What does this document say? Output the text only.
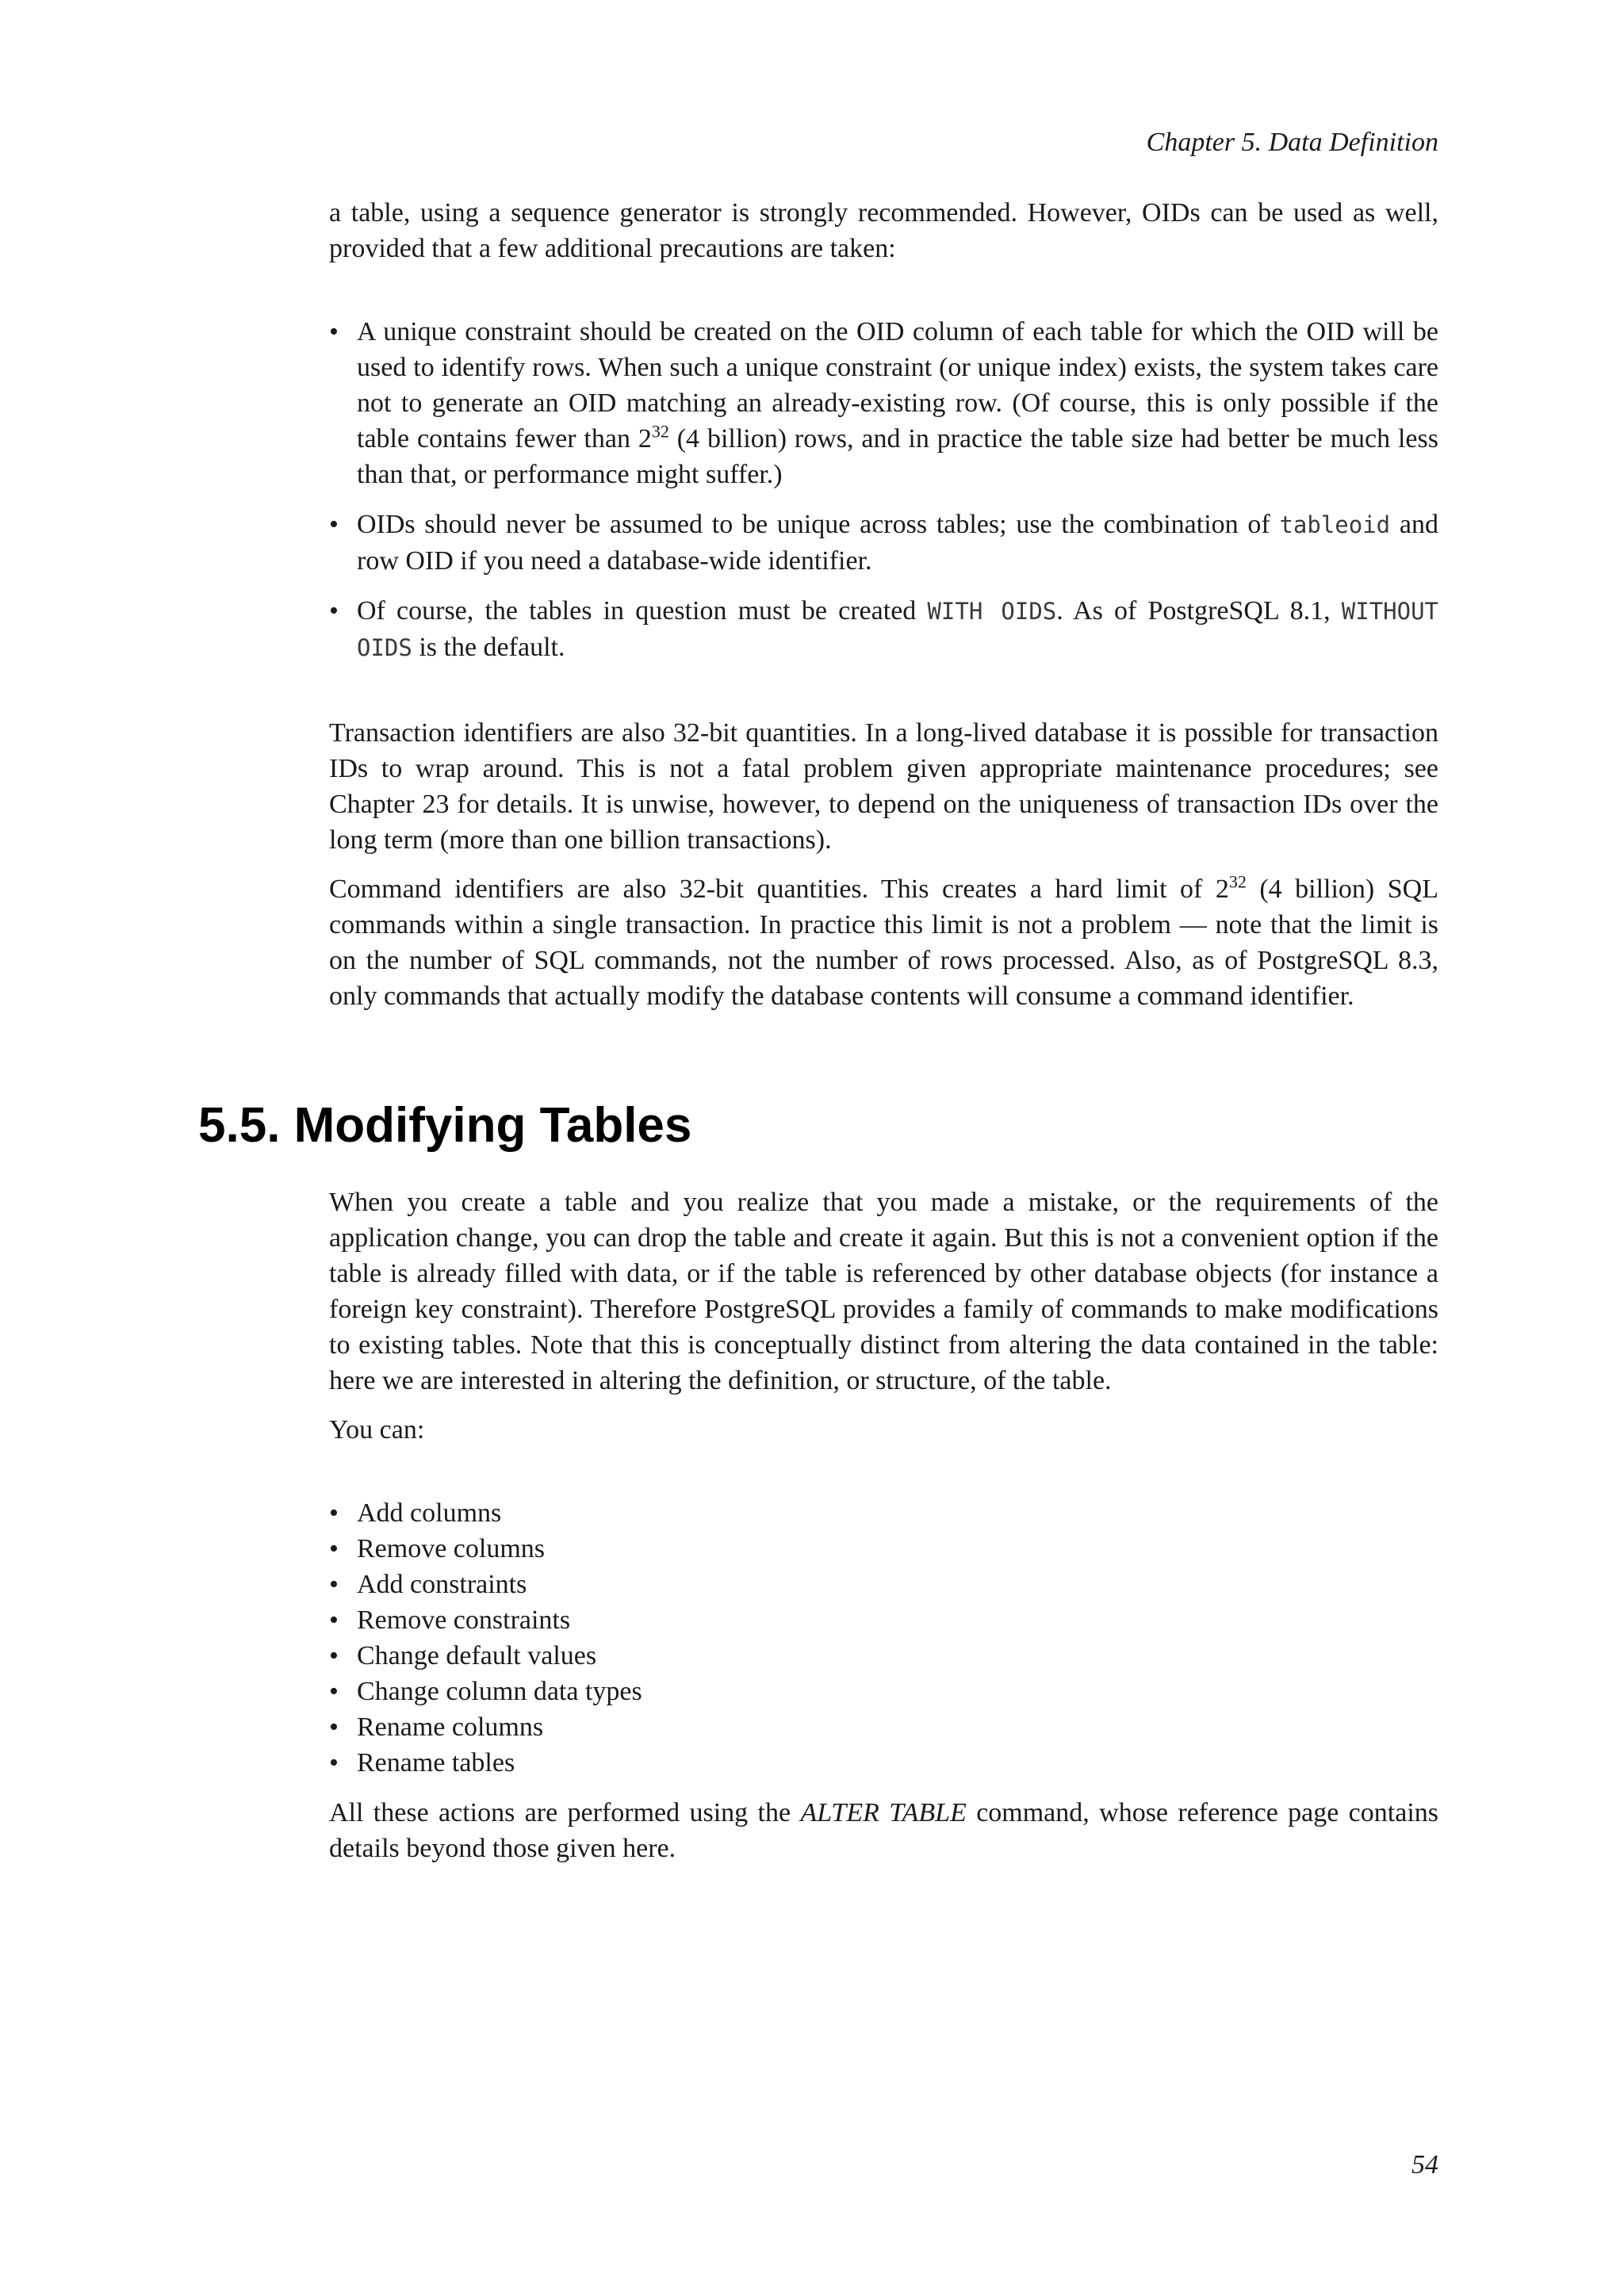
Chapter 5. Data Definition

a table, using a sequence generator is strongly recommended. However, OIDs can be used as well, provided that a few additional precautions are taken:

• A unique constraint should be created on the OID column of each table for which the OID will be used to identify rows. When such a unique constraint (or unique index) exists, the system takes care not to generate an OID matching an already-existing row. (Of course, this is only possible if the table contains fewer than $2^{32}$ (4 billion) rows, and in practice the table size had better be much less than that, or performance might suffer.)
• OIDs should never be assumed to be unique across tables; use the combination of tableoid and row OID if you need a database-wide identifier.
• Of course, the tables in question must be created WITH OIDS. As of PostgreSQL 8.1, WITHOUT OIDS is the default.

Transaction identifiers are also 32-bit quantities. In a long-lived database it is possible for transaction IDs to wrap around. This is not a fatal problem given appropriate maintenance procedures; see Chapter 23 for details. It is unwise, however, to depend on the uniqueness of transaction IDs over the long term (more than one billion transactions).

Command identifiers are also 32-bit quantities. This creates a hard limit of $2^{32}$ (4 billion) SQL commands within a single transaction. In practice this limit is not a problem — note that the limit is on the number of SQL commands, not the number of rows processed. Also, as of PostgreSQL 8.3, only commands that actually modify the database contents will consume a command identifier.

5.5. Modifying Tables

When you create a table and you realize that you made a mistake, or the requirements of the application change, you can drop the table and create it again. But this is not a convenient option if the table is already filled with data, or if the table is referenced by other database objects (for instance a foreign key constraint). Therefore PostgreSQL provides a family of commands to make modifications to existing tables. Note that this is conceptually distinct from altering the data contained in the table: here we are interested in altering the definition, or structure, of the table.

You can:

• Add columns
• Remove columns
• Add constraints
• Remove constraints
• Change default values
• Change column data types
• Rename columns
• Rename tables

All these actions are performed using the ALTER TABLE command, whose reference page contains details beyond those given here.

54
